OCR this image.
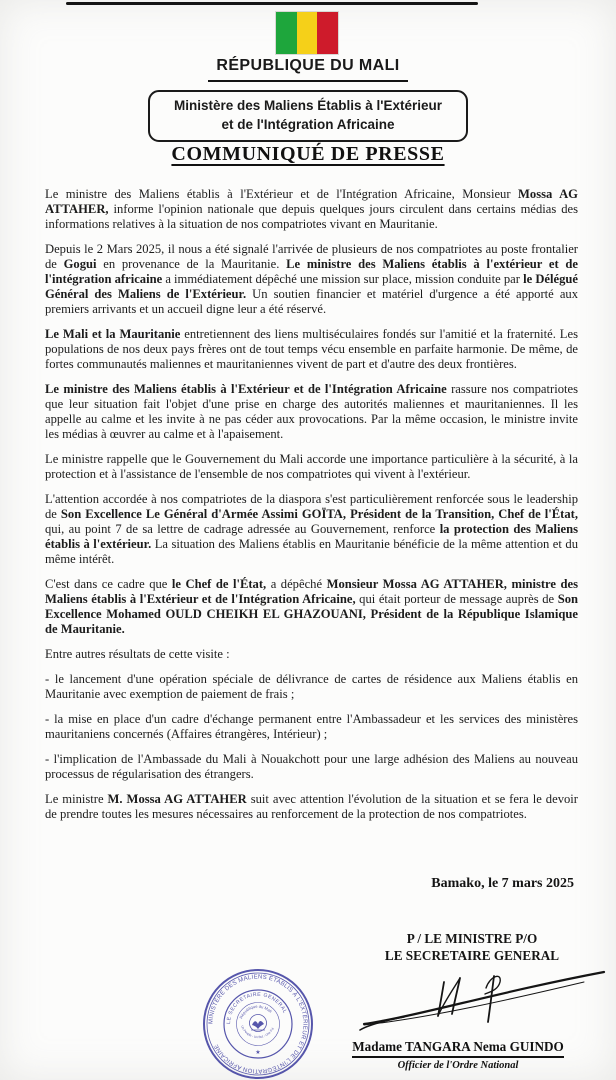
RÉPUBLIQUE DU MALI
Ministère des Maliens Établis à l'Extérieur
et de l'Intégration Africaine
COMMUNIQUÉ DE PRESSE

Le ministre des Maliens établis à l'Extérieur et de l'Intégration Africaine, Monsieur Mossa AG ATTAHER, informe l'opinion nationale que depuis quelques jours circulent dans certains médias des informations relatives à la situation de nos compatriotes vivant en Mauritanie.

Depuis le 2 Mars 2025, il nous a été signalé l'arrivée de plusieurs de nos compatriotes au poste frontalier de Gogui en provenance de la Mauritanie. Le ministre des Maliens établis à l'extérieur et de l'intégration africaine a immédiatement dépêché une mission sur place, mission conduite par le Délégué Général des Maliens de l'Extérieur. Un soutien financier et matériel d'urgence a été apporté aux premiers arrivants et un accueil digne leur a été réservé.

Le Mali et la Mauritanie entretiennent des liens multiséculaires fondés sur l'amitié et la fraternité. Les populations de nos deux pays frères ont de tout temps vécu ensemble en parfaite harmonie. De même, de fortes communautés maliennes et mauritaniennes vivent de part et d'autre des deux frontières.

Le ministre des Maliens établis à l'Extérieur et de l'Intégration Africaine rassure nos compatriotes que leur situation fait l'objet d'une prise en charge des autorités maliennes et mauritaniennes. Il les appelle au calme et les invite à ne pas céder aux provocations. Par la même occasion, le ministre invite les médias à œuvrer au calme et à l'apaisement.

Le ministre rappelle que le Gouvernement du Mali accorde une importance particulière à la sécurité, à la protection et à l'assistance de l'ensemble de nos compatriotes qui vivent à l'extérieur.

L'attention accordée à nos compatriotes de la diaspora s'est particulièrement renforcée sous le leadership de Son Excellence Le Général d'Armée Assimi GOÏTA, Président de la Transition, Chef de l'État, qui, au point 7 de sa lettre de cadrage adressée au Gouvernement, renforce la protection des Maliens établis à l'extérieur. La situation des Maliens établis en Mauritanie bénéficie de la même attention et du même intérêt.

C'est dans ce cadre que le Chef de l'État, a dépêché Monsieur Mossa AG ATTAHER, ministre des Maliens établis à l'Extérieur et de l'Intégration Africaine, qui était porteur de message auprès de Son Excellence Mohamed OULD CHEIKH EL GHAZOUANI, Président de la République Islamique de Mauritanie.

Entre autres résultats de cette visite :

- le lancement d'une opération spéciale de délivrance de cartes de résidence aux Maliens établis en Mauritanie avec exemption de paiement de frais ;

- la mise en place d'un cadre d'échange permanent entre l'Ambassadeur et les services des ministères mauritaniens concernés (Affaires étrangères, Intérieur) ;

- l'implication de l'Ambassade du Mali à Nouakchott pour une large adhésion des Maliens au nouveau processus de régularisation des étrangers.

Le ministre M. Mossa AG ATTAHER suit avec attention l'évolution de la situation et se fera le devoir de prendre toutes les mesures nécessaires au renforcement de la protection de nos compatriotes.

Bamako, le 7 mars 2025
P / LE MINISTRE P/O
LE SECRETAIRE GENERAL
MINISTÈRE DES MALIENS ÉTABLIS À L'EXTÉRIEUR ET DE L'INTÉGRATION AFRICAINE
LE SECRETAIRE GENERAL
République du Mali
Un Peuple - Un But - Une Foi
★	Madame TANGARA Nema GUINDO
Officier de l'Ordre National
